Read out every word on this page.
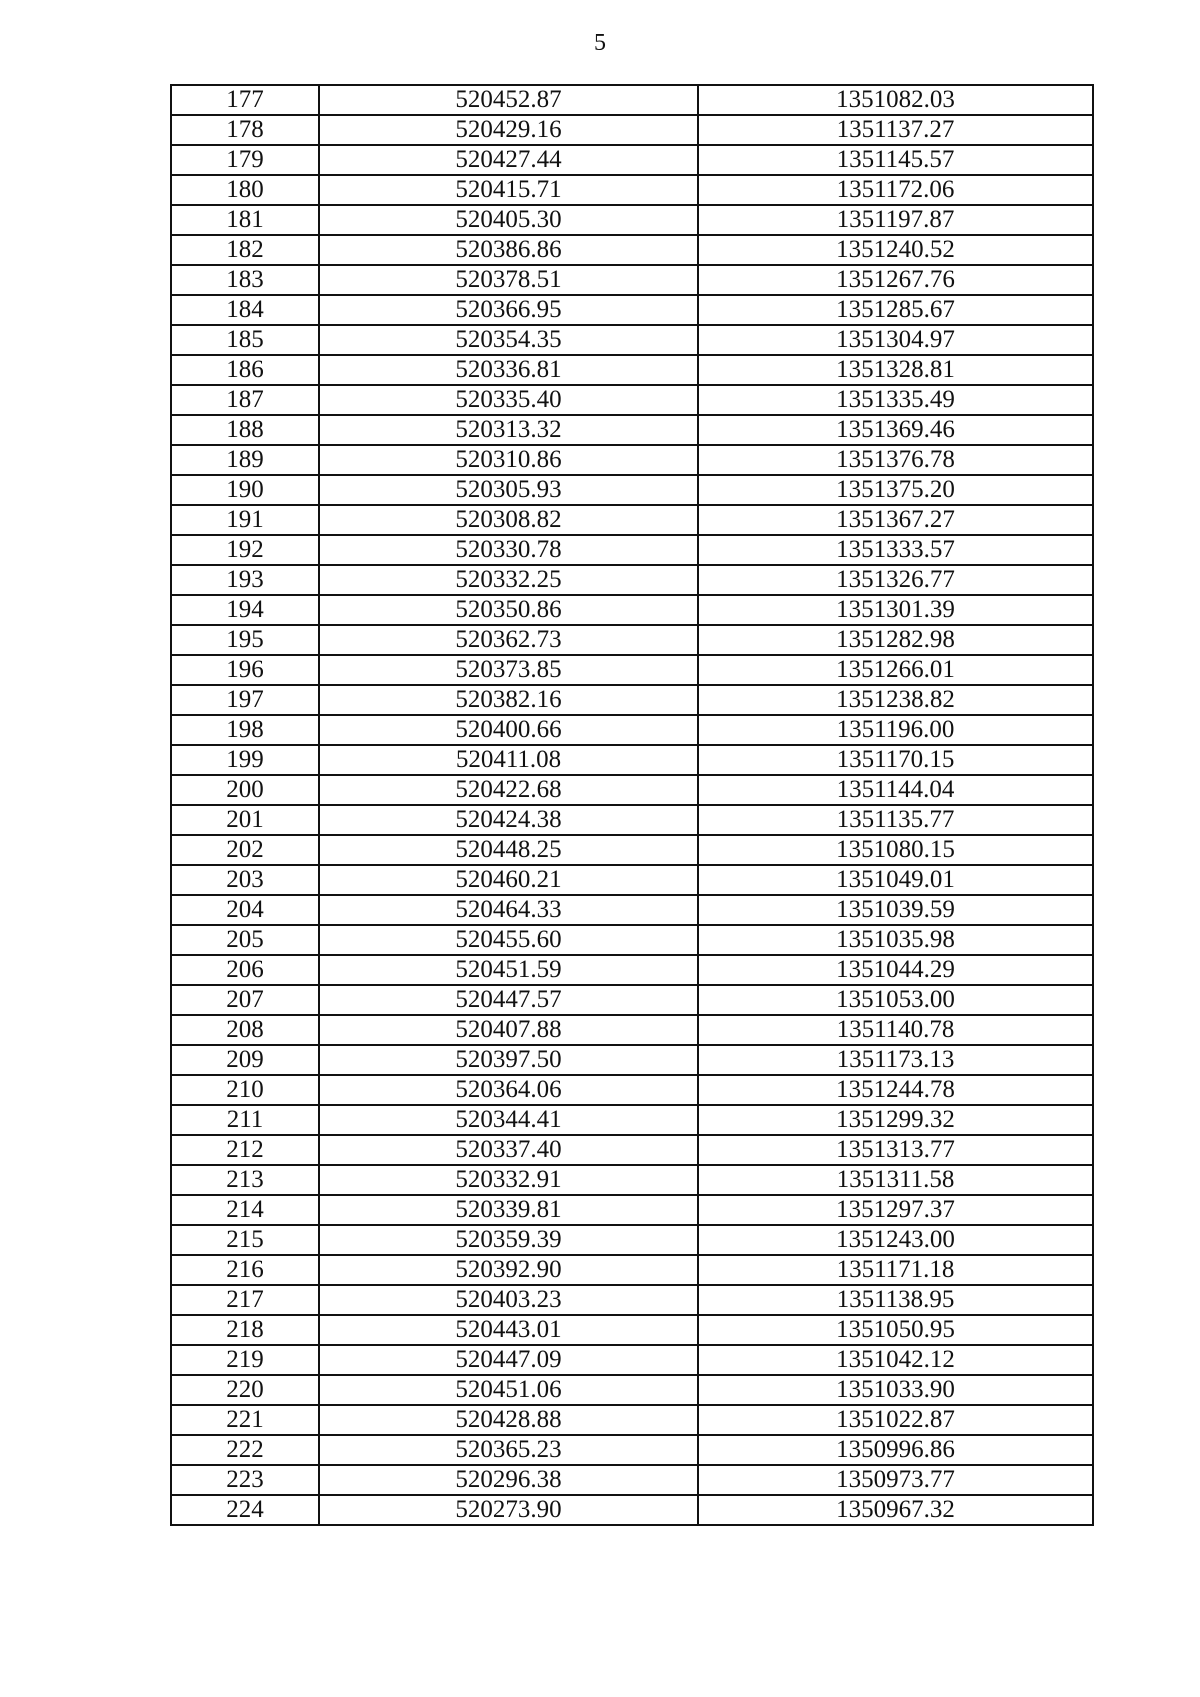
5
177	520452.87	1351082.03
178	520429.16	1351137.27
179	520427.44	1351145.57
180	520415.71	1351172.06
181	520405.30	1351197.87
182	520386.86	1351240.52
183	520378.51	1351267.76
184	520366.95	1351285.67
185	520354.35	1351304.97
186	520336.81	1351328.81
187	520335.40	1351335.49
188	520313.32	1351369.46
189	520310.86	1351376.78
190	520305.93	1351375.20
191	520308.82	1351367.27
192	520330.78	1351333.57
193	520332.25	1351326.77
194	520350.86	1351301.39
195	520362.73	1351282.98
196	520373.85	1351266.01
197	520382.16	1351238.82
198	520400.66	1351196.00
199	520411.08	1351170.15
200	520422.68	1351144.04
201	520424.38	1351135.77
202	520448.25	1351080.15
203	520460.21	1351049.01
204	520464.33	1351039.59
205	520455.60	1351035.98
206	520451.59	1351044.29
207	520447.57	1351053.00
208	520407.88	1351140.78
209	520397.50	1351173.13
210	520364.06	1351244.78
211	520344.41	1351299.32
212	520337.40	1351313.77
213	520332.91	1351311.58
214	520339.81	1351297.37
215	520359.39	1351243.00
216	520392.90	1351171.18
217	520403.23	1351138.95
218	520443.01	1351050.95
219	520447.09	1351042.12
220	520451.06	1351033.90
221	520428.88	1351022.87
222	520365.23	1350996.86
223	520296.38	1350973.77
224	520273.90	1350967.32
